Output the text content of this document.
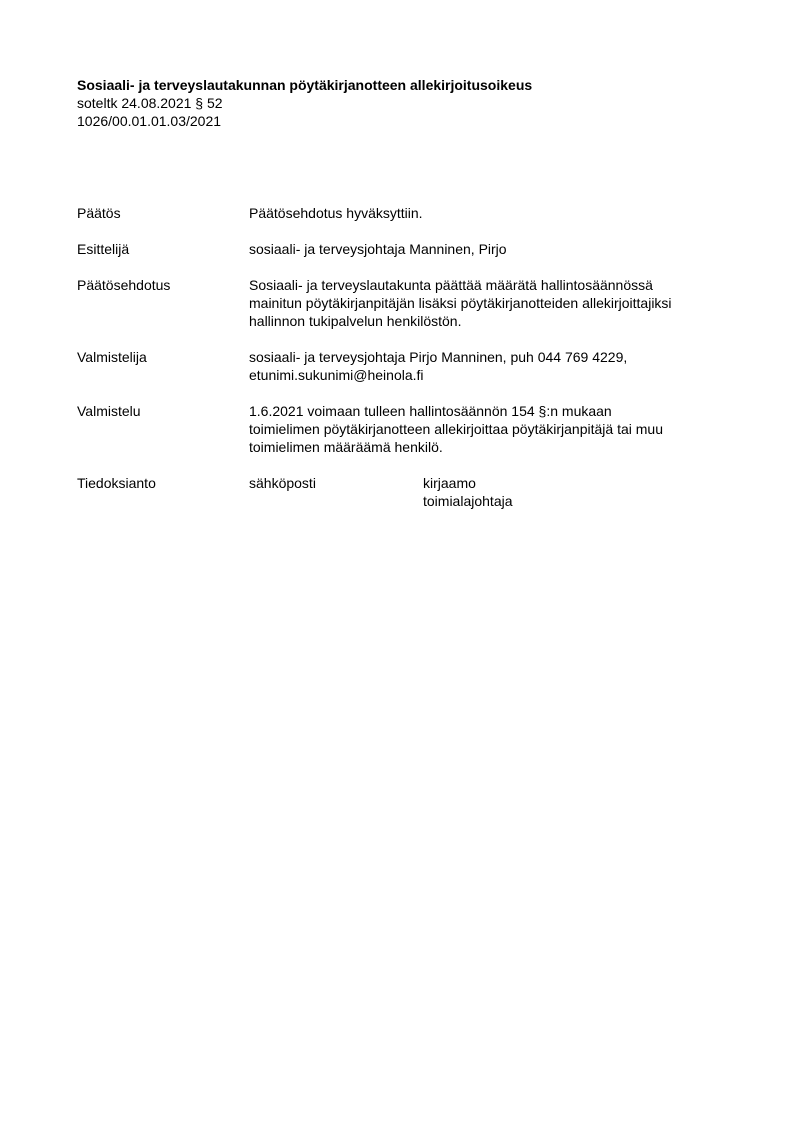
Sosiaali- ja terveyslautakunnan pöytäkirjanotteen allekirjoitusoikeus
soteltk 24.08.2021 § 52
1026/00.01.01.03/2021
Päätös	Päätösehdotus hyväksyttiin.
Esittelijä	sosiaali- ja terveysjohtaja Manninen, Pirjo
Päätösehdotus	Sosiaali- ja terveyslautakunta päättää määrätä hallintosäännössä
mainitun pöytäkirjanpitäjän lisäksi pöytäkirjanotteiden allekirjoittajiksi
hallinnon tukipalvelun henkilöstön.
Valmistelija	sosiaali- ja terveysjohtaja Pirjo Manninen, puh 044 769 4229,
etunimi.sukunimi@heinola.fi
Valmistelu	1.6.2021 voimaan tulleen hallintosäännön 154 §:n mukaan
toimielimen pöytäkirjanotteen allekirjoittaa pöytäkirjanpitäjä tai muu
toimielimen määräämä henkilö.
Tiedoksianto	sähköposti	kirjaamo
toimialajohtaja
